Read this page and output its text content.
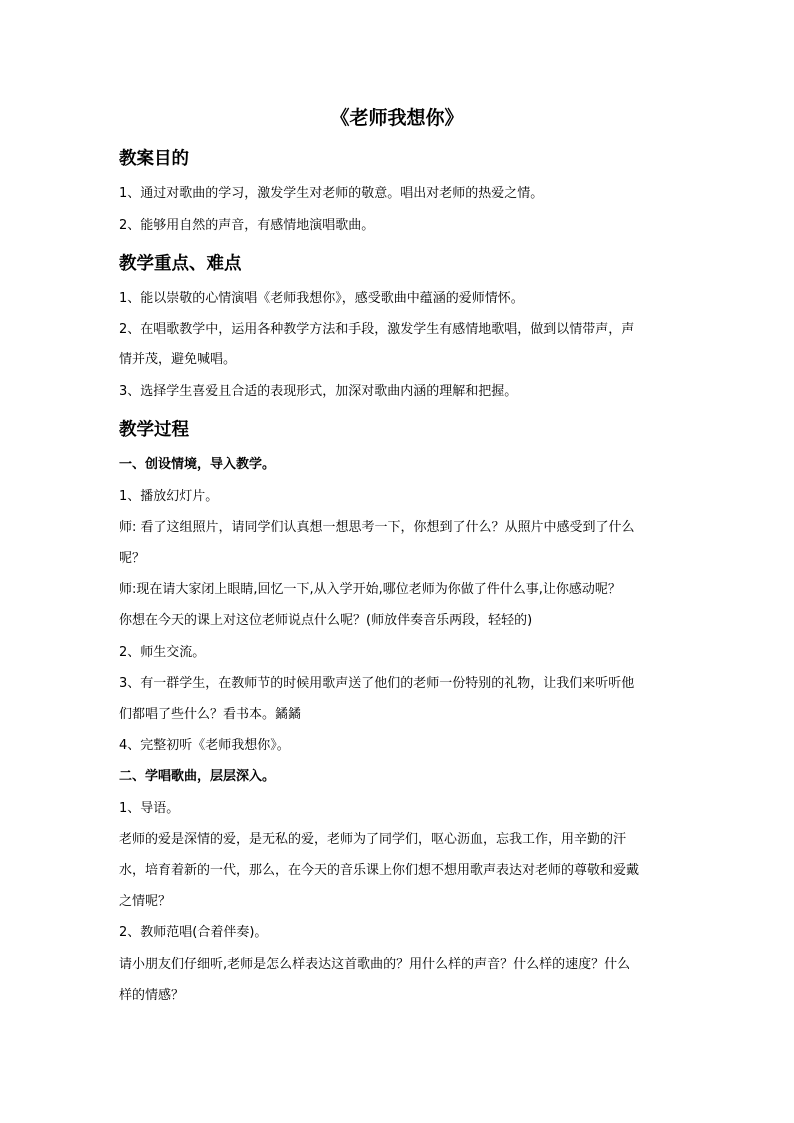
《老师我想你》
教案目的
1、通过对歌曲的学习，激发学生对老师的敬意。唱出对老师的热爱之情。
2、能够用自然的声音，有感情地演唱歌曲。
教学重点、难点
1、能以崇敬的心情演唱《老师我想你》，感受歌曲中蕴涵的爱师情怀。
2、在唱歌教学中，运用各种教学方法和手段，激发学生有感情地歌唱，做到以情带声，声
情并茂，避免喊唱。
3、选择学生喜爱且合适的表现形式，加深对歌曲内涵的理解和把握。
教学过程
一、创设情境，导入教学。
1、播放幻灯片。
师: 看了这组照片，请同学们认真想一想思考一下，你想到了什么？从照片中感受到了什么
呢？
师:现在请大家闭上眼睛,回忆一下,从入学开始,哪位老师为你做了件什么事,让你感动呢？
你想在今天的课上对这位老师说点什么呢？(师放伴奏音乐两段，轻轻的)
2、师生交流。
3、有一群学生，在教师节的时候用歌声送了他们的老师一份特别的礼物，让我们来听听他
们都唱了些什么？看书本。鐍鐍
4、完整初听《老师我想你》。
二、学唱歌曲，层层深入。
1、导语。
老师的爱是深情的爱，是无私的爱，老师为了同学们，呕心沥血，忘我工作，用辛勤的汗
水，培育着新的一代，那么，在今天的音乐课上你们想不想用歌声表达对老师的尊敬和爱戴
之情呢？
2、教师范唱(合着伴奏)。
请小朋友们仔细听,老师是怎么样表达这首歌曲的？用什么样的声音？什么样的速度？什么
样的情感？
